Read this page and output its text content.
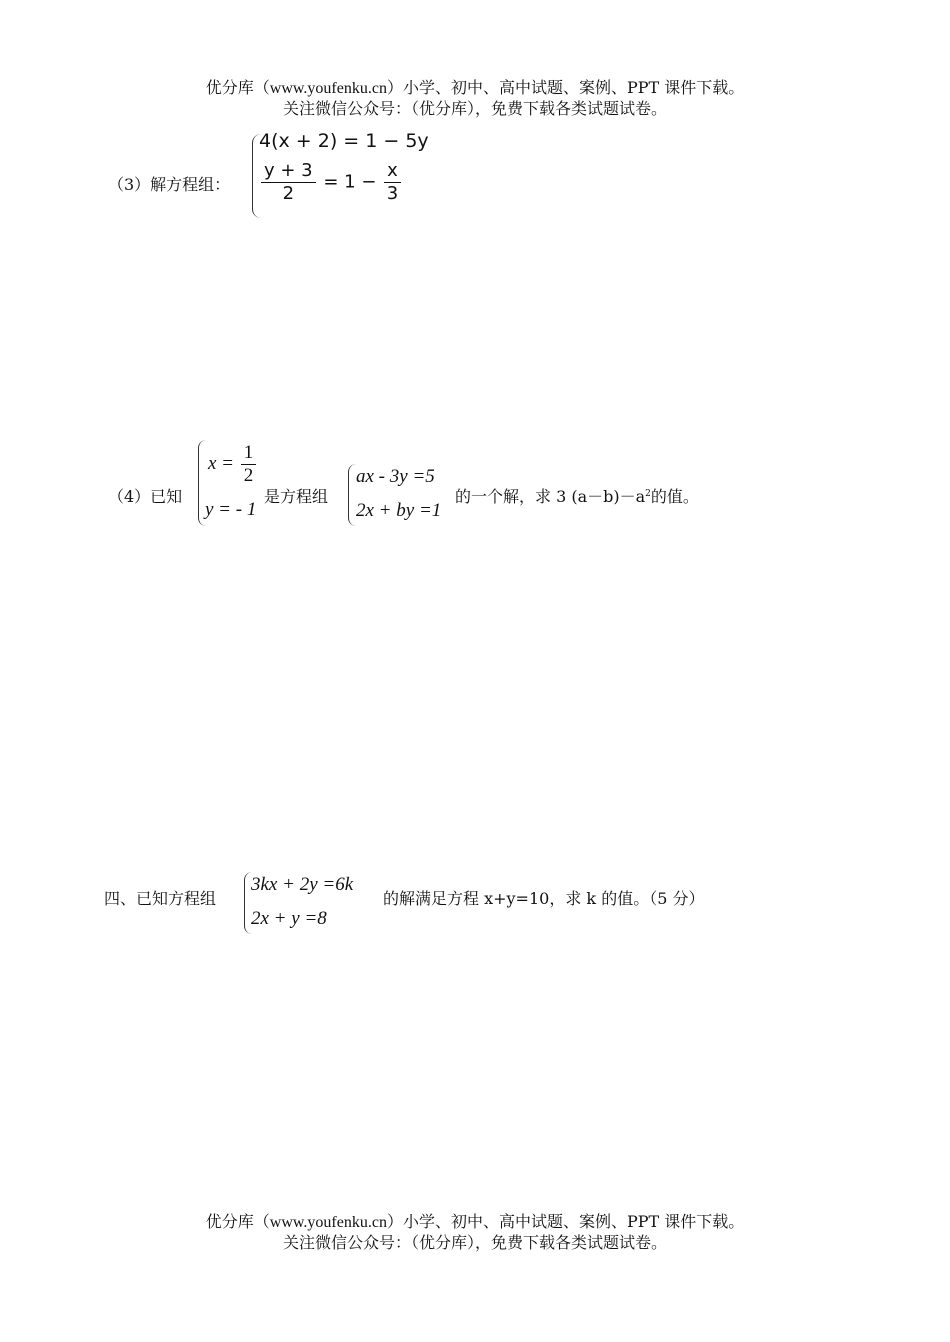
优分库（www.youfenku.cn）小学、初中、高中试题、案例、PPT 课件下载。
关注微信公众号：（优分库），免费下载各类试题试卷。
（3）解方程组：
4(x + 2) = 1 − 5y
$\frac{y + 3}{2} = 1 - \frac{x}{3}$
（4）已知
$x = \frac{1}{2}$
y = - 1
是方程组
ax - 3y =5
2x + by =1
的一个解，求 3 $(a-b)-a^2$的值。
四、已知方程组
3kx + 2y =6k
2x + y =8
的解满足方程 x+y=10，求 k 的值。（5 分）
优分库（www.youfenku.cn）小学、初中、高中试题、案例、PPT 课件下载。
关注微信公众号：（优分库），免费下载各类试题试卷。
